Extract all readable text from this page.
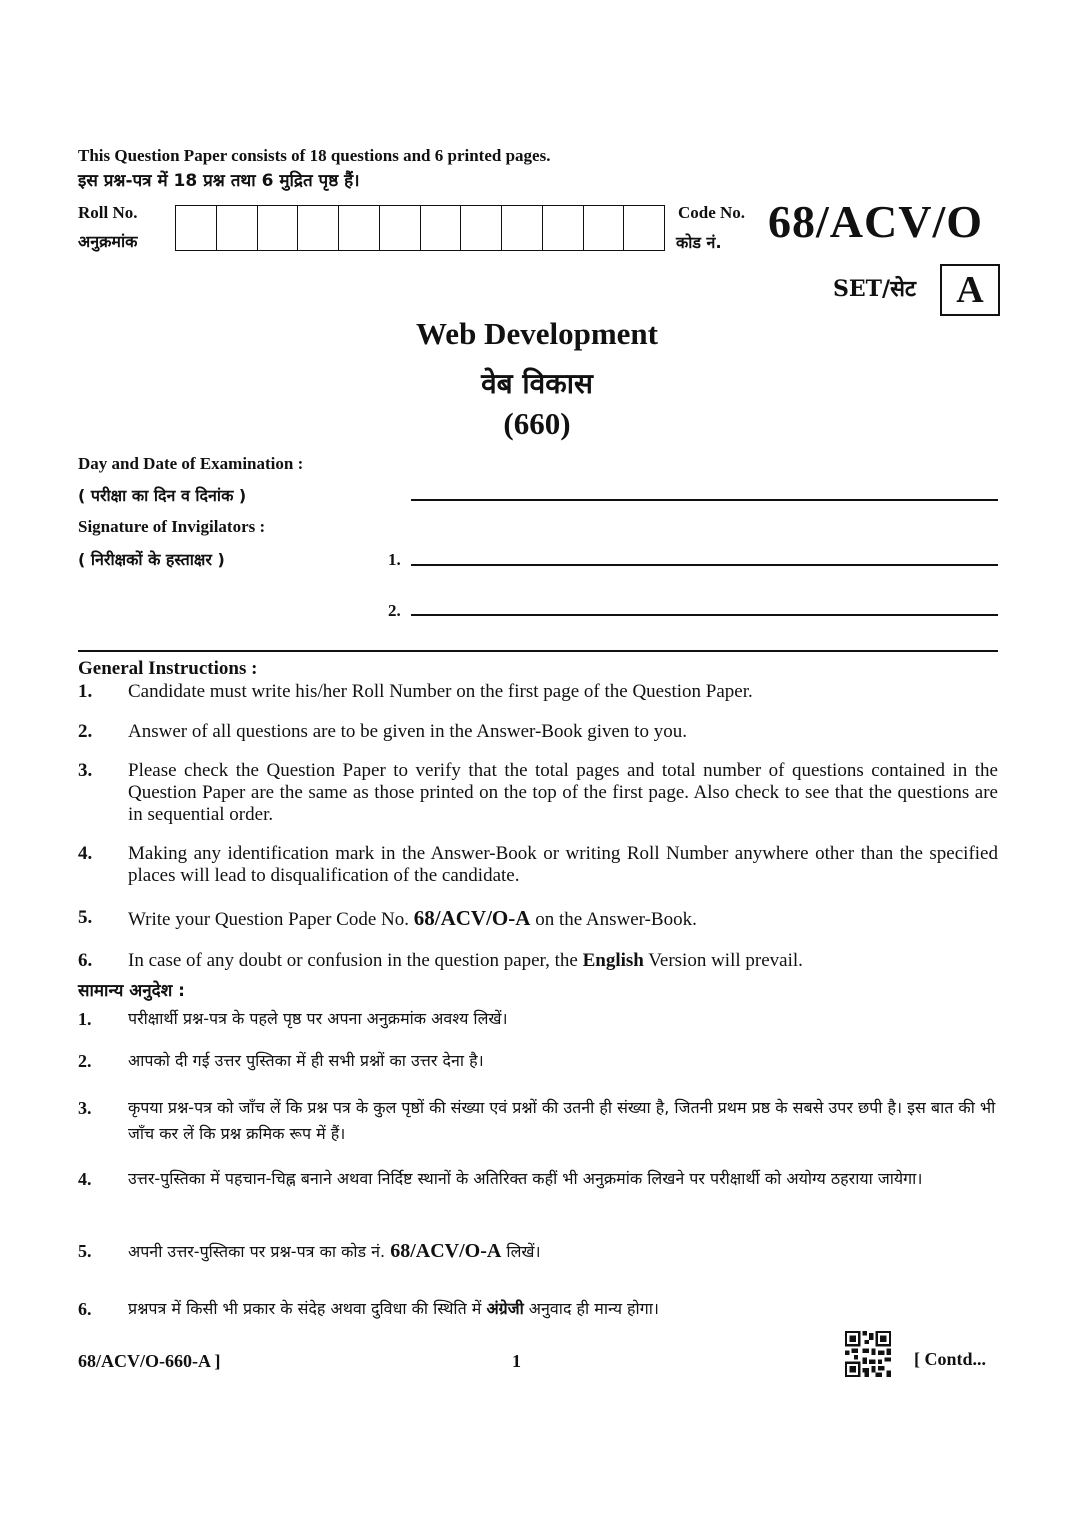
This Question Paper consists of 18 questions and 6 printed pages.
इस प्रश्न-पत्र में 18 प्रश्न तथा 6 मुद्रित पृष्ठ हैं।
Roll No.
अनुक्रमांक
Code No.
कोड नं. 68/ACV/O
SET/सेट	A
Web Development
वेब विकास
(660)
Day and Date of Examination :
( परीक्षा का दिन व दिनांक )
Signature of Invigilators :
( निरीक्षकों के हस्ताक्षर )	1.
2.
General Instructions :
1.	Candidate must write his/her Roll Number on the first page of the Question Paper.
2.	Answer of all questions are to be given in the Answer-Book given to you.
3.	Please check the Question Paper to verify that the total pages and total number of questions contained in the Question Paper are the same as those printed on the top of the first page. Also check to see that the questions are in sequential order.
4.	Making any identification mark in the Answer-Book or writing Roll Number anywhere other than the specified places will lead to disqualification of the candidate.
5.	Write your Question Paper Code No. 68/ACV/O-A on the Answer-Book.
6.	In case of any doubt or confusion in the question paper, the English Version will prevail.
सामान्य अनुदेश :
1.	परीक्षार्थी प्रश्न-पत्र के पहले पृष्ठ पर अपना अनुक्रमांक अवश्य लिखें।
2.	आपको दी गई उत्तर पुस्तिका में ही सभी प्रश्नों का उत्तर देना है।
3.	कृपया प्रश्न-पत्र को जाँच लें कि प्रश्न पत्र के कुल पृष्ठों की संख्या एवं प्रश्नों की उतनी ही संख्या है, जितनी प्रथम प्रष्ठ के सबसे उपर छपी है। इस बात की भी जाँच कर लें कि प्रश्न क्रमिक रूप में हैं।
4.	उत्तर-पुस्तिका में पहचान-चिह्न बनाने अथवा निर्दिष्ट स्थानों के अतिरिक्त कहीं भी अनुक्रमांक लिखने पर परीक्षार्थी को अयोग्य ठहराया जायेगा।
5.	अपनी उत्तर-पुस्तिका पर प्रश्न-पत्र का कोड नं. 68/ACV/O-A लिखें।
6.	प्रश्नपत्र में किसी भी प्रकार के संदेह अथवा दुविधा की स्थिति में अंग्रेजी अनुवाद ही मान्य होगा।
68/ACV/O-660-A ]	1	[ Contd...
